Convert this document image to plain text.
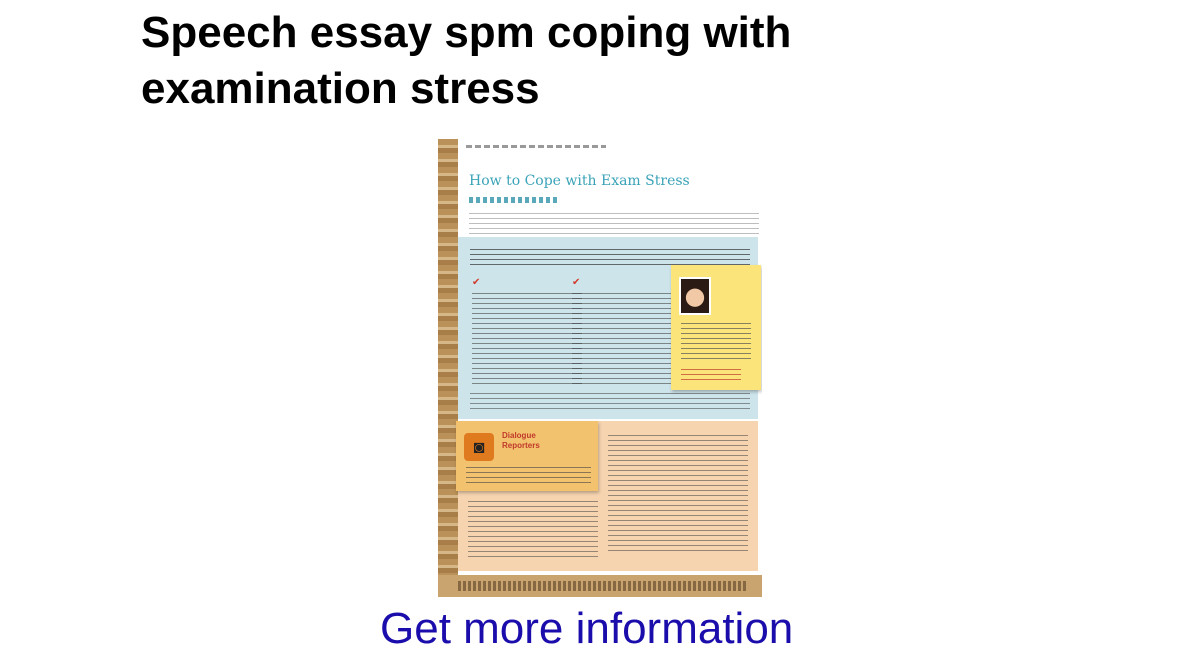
Speech essay spm coping with examination stress
How to Cope with Exam Stress
✔	✔
◙
Dialogue
Reporters
Get more information
